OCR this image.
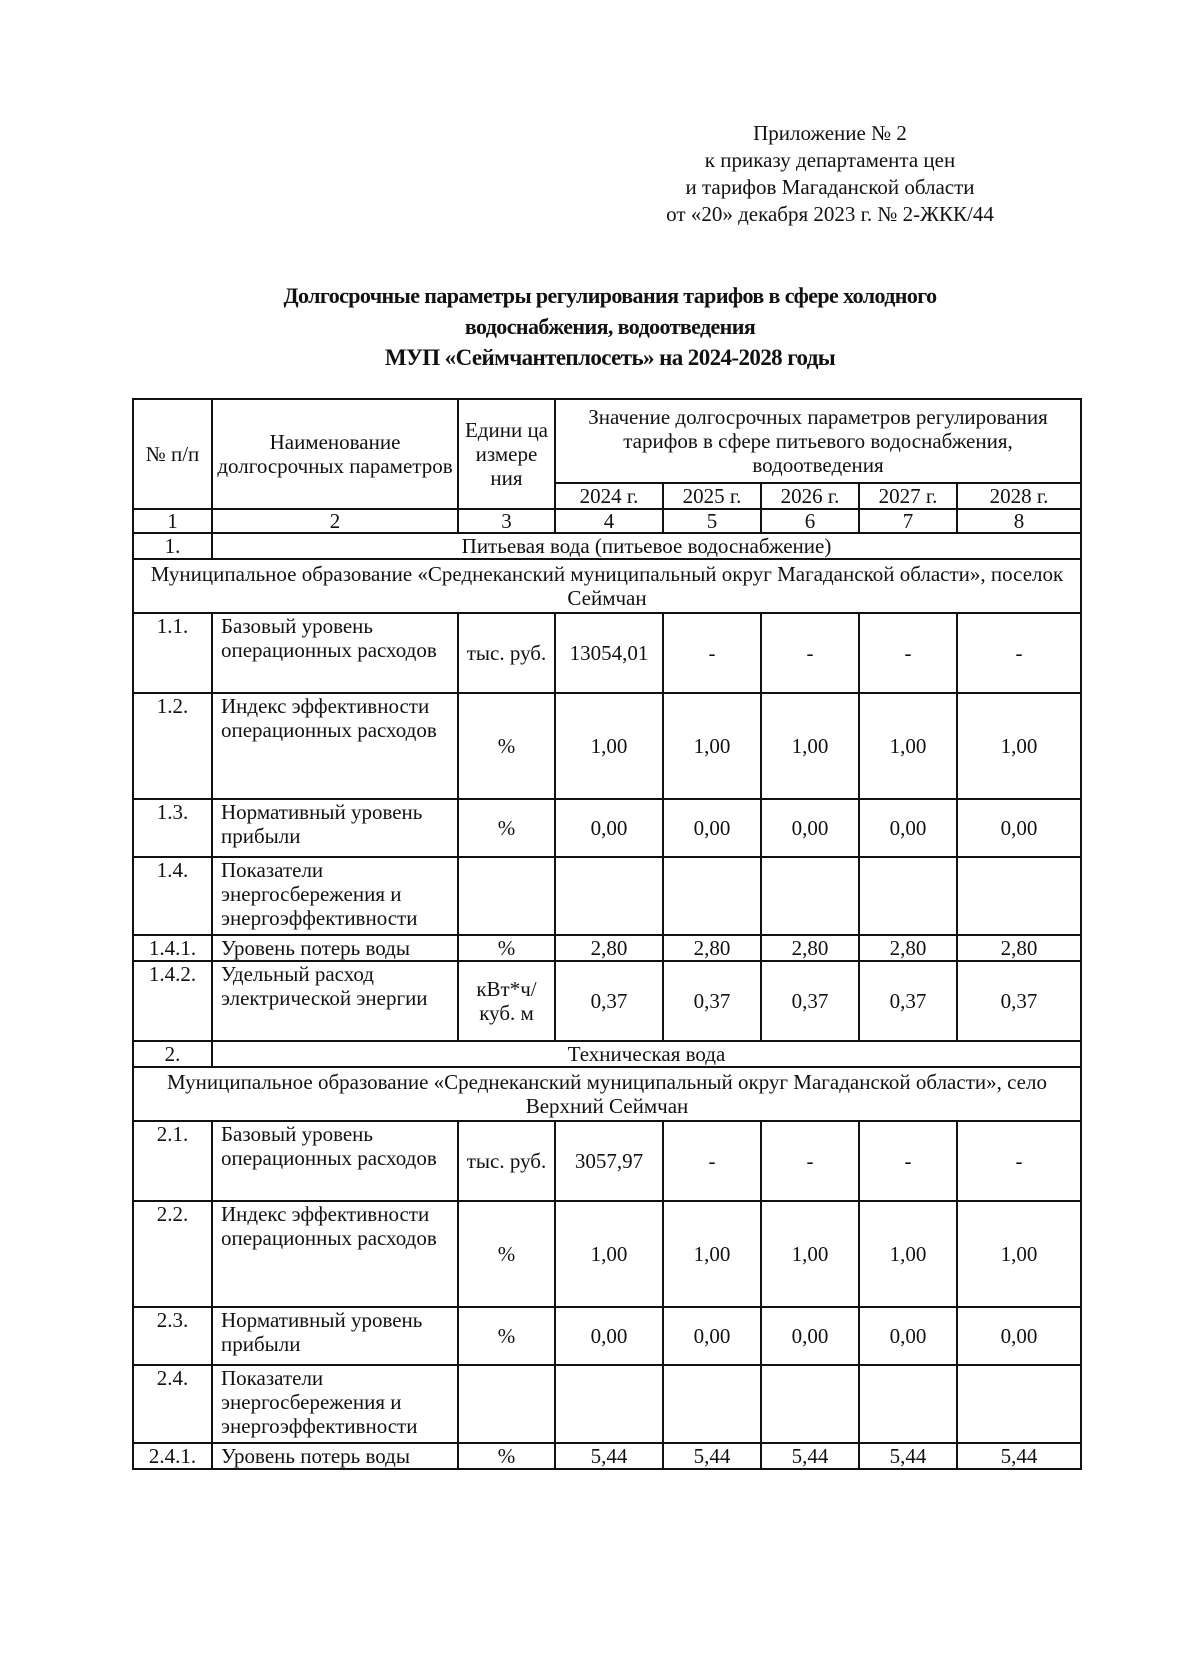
Приложение № 2
к приказу департамента цен
и тарифов Магаданской области
от «20» декабря 2023 г. № 2-ЖКК/44
Долгосрочные параметры регулирования тарифов в сфере холодного
водоснабжения, водоотведения
МУП «Сеймчантеплосеть» на 2024-2028 годы
№ п/п	Наименование долгосрочных параметров	Едини ца измере ния	Значение долгосрочных параметров регулирования тарифов в сфере питьевого водоснабжения, водоотведения				
			2024 г.	2025 г.	2026 г.	2027 г.	2028 г.
1	2	3	4	5	6	7	8
1.	Питьевая вода (питьевое водоснабжение)						
Муниципальное образование «Среднеканский муниципальный округ Магаданской области», поселок Сеймчан							
1.1.	Базовый уровень операционных расходов	тыс. руб.	13054,01	-	-	-	-
1.2.	Индекс эффективности операционных расходов	%	1,00	1,00	1,00	1,00	1,00
1.3.	Нормативный уровень прибыли	%	0,00	0,00	0,00	0,00	0,00
1.4.	Показатели энергосбережения и энергоэффективности						
1.4.1.	Уровень потерь воды	%	2,80	2,80	2,80	2,80	2,80
1.4.2.	Удельный расход электрической энергии	кВт*ч/ куб. м	0,37	0,37	0,37	0,37	0,37
2.	Техническая вода						
Муниципальное образование «Среднеканский муниципальный округ Магаданской области», село Верхний Сеймчан							
2.1.	Базовый уровень операционных расходов	тыс. руб.	3057,97	-	-	-	-
2.2.	Индекс эффективности операционных расходов	%	1,00	1,00	1,00	1,00	1,00
2.3.	Нормативный уровень прибыли	%	0,00	0,00	0,00	0,00	0,00
2.4.	Показатели энергосбережения и энергоэффективности						
2.4.1.	Уровень потерь воды	%	5,44	5,44	5,44	5,44	5,44
